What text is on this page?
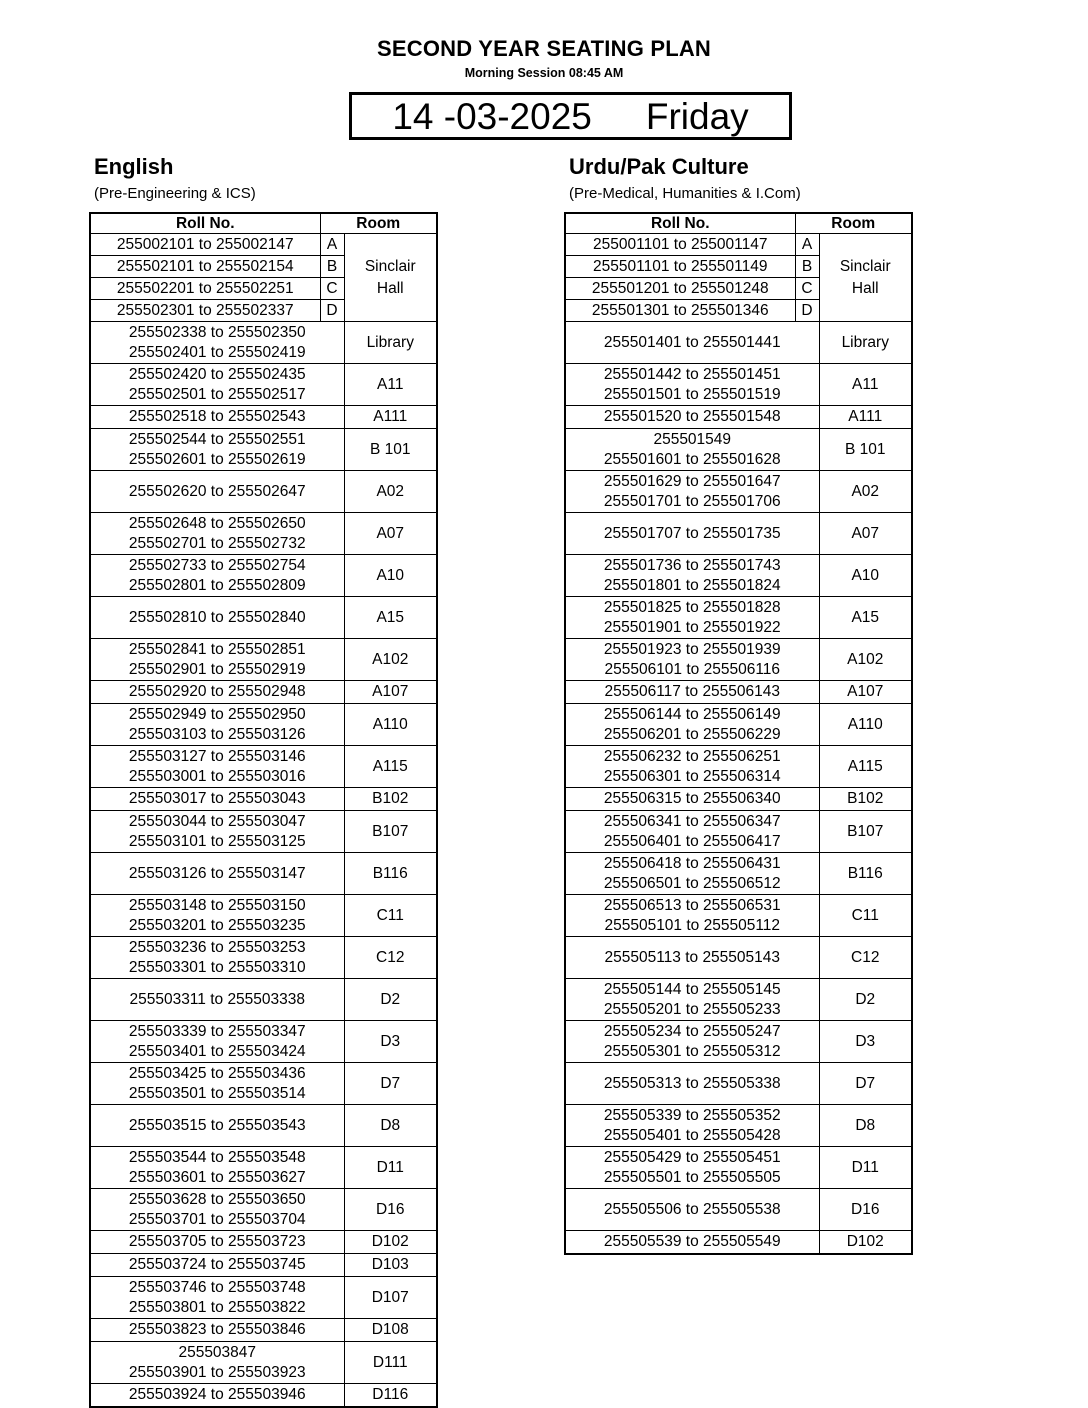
SECOND YEAR SEATING PLAN
Morning Session 08:45 AM
14 -03-2025 Friday
English
(Pre-Engineering & ICS)
Urdu/Pak Culture
(Pre-Medical, Humanities & I.Com)
Roll No.	Room	
255002101 to 255002147	A	Sinclair
Hall

255502101 to 255502154	B	
255502201 to 255502251	C	
255502301 to 255502337	D	

255502338 to 255502350
255502401 to 255502419		Library

255502420 to 255502435
255502501 to 255502517		A11

255502518 to 255502543		A111

255502544 to 255502551
255502601 to 255502619		B 101

255502620 to 255502647		A02

255502648 to 255502650
255502701 to 255502732		A07

255502733 to 255502754
255502801 to 255502809		A10

255502810 to 255502840		A15

255502841 to 255502851
255502901 to 255502919		A102

255502920 to 255502948		A107

255502949 to 255502950
255503103 to 255503126		A110

255503127 to 255503146
255503001 to 255503016		A115

255503017 to 255503043		B102

255503044 to 255503047
255503101 to 255503125		B107

255503126 to 255503147		B116

255503148 to 255503150
255503201 to 255503235		C11

255503236 to 255503253
255503301 to 255503310		C12

255503311 to 255503338		D2

255503339 to 255503347
255503401 to 255503424		D3

255503425 to 255503436
255503501 to 255503514		D7

255503515 to 255503543		D8

255503544 to 255503548
255503601 to 255503627		D11

255503628 to 255503650
255503701 to 255503704		D16

255503705 to 255503723		D102

255503724 to 255503745		D103

255503746 to 255503748
255503801 to 255503822		D107

255503823 to 255503846		D108

255503847
255503901 to 255503923		D111

255503924 to 255503946		D116
Roll No.	Room	
255001101 to 255001147	A	Sinclair
Hall

255501101 to 255501149	B	
255501201 to 255501248	C	
255501301 to 255501346	D	

255501401 to 255501441		Library

255501442 to 255501451
255501501 to 255501519		A11

255501520 to 255501548		A111

255501549
255501601 to 255501628		B 101

255501629 to 255501647
255501701 to 255501706		A02

255501707 to 255501735		A07

255501736 to 255501743
255501801 to 255501824		A10

255501825 to 255501828
255501901 to 255501922		A15

255501923 to 255501939
255506101 to 255506116		A102

255506117 to 255506143		A107

255506144 to 255506149
255506201 to 255506229		A110

255506232 to 255506251
255506301 to 255506314		A115

255506315 to 255506340		B102

255506341 to 255506347
255506401 to 255506417		B107

255506418 to 255506431
255506501 to 255506512		B116

255506513 to 255506531
255505101 to 255505112		C11

255505113 to 255505143		C12

255505144 to 255505145
255505201 to 255505233		D2

255505234 to 255505247
255505301 to 255505312		D3

255505313 to 255505338		D7

255505339 to 255505352
255505401 to 255505428		D8

255505429 to 255505451
255505501 to 255505505		D11

255505506 to 255505538		D16

255505539 to 255505549		D102
